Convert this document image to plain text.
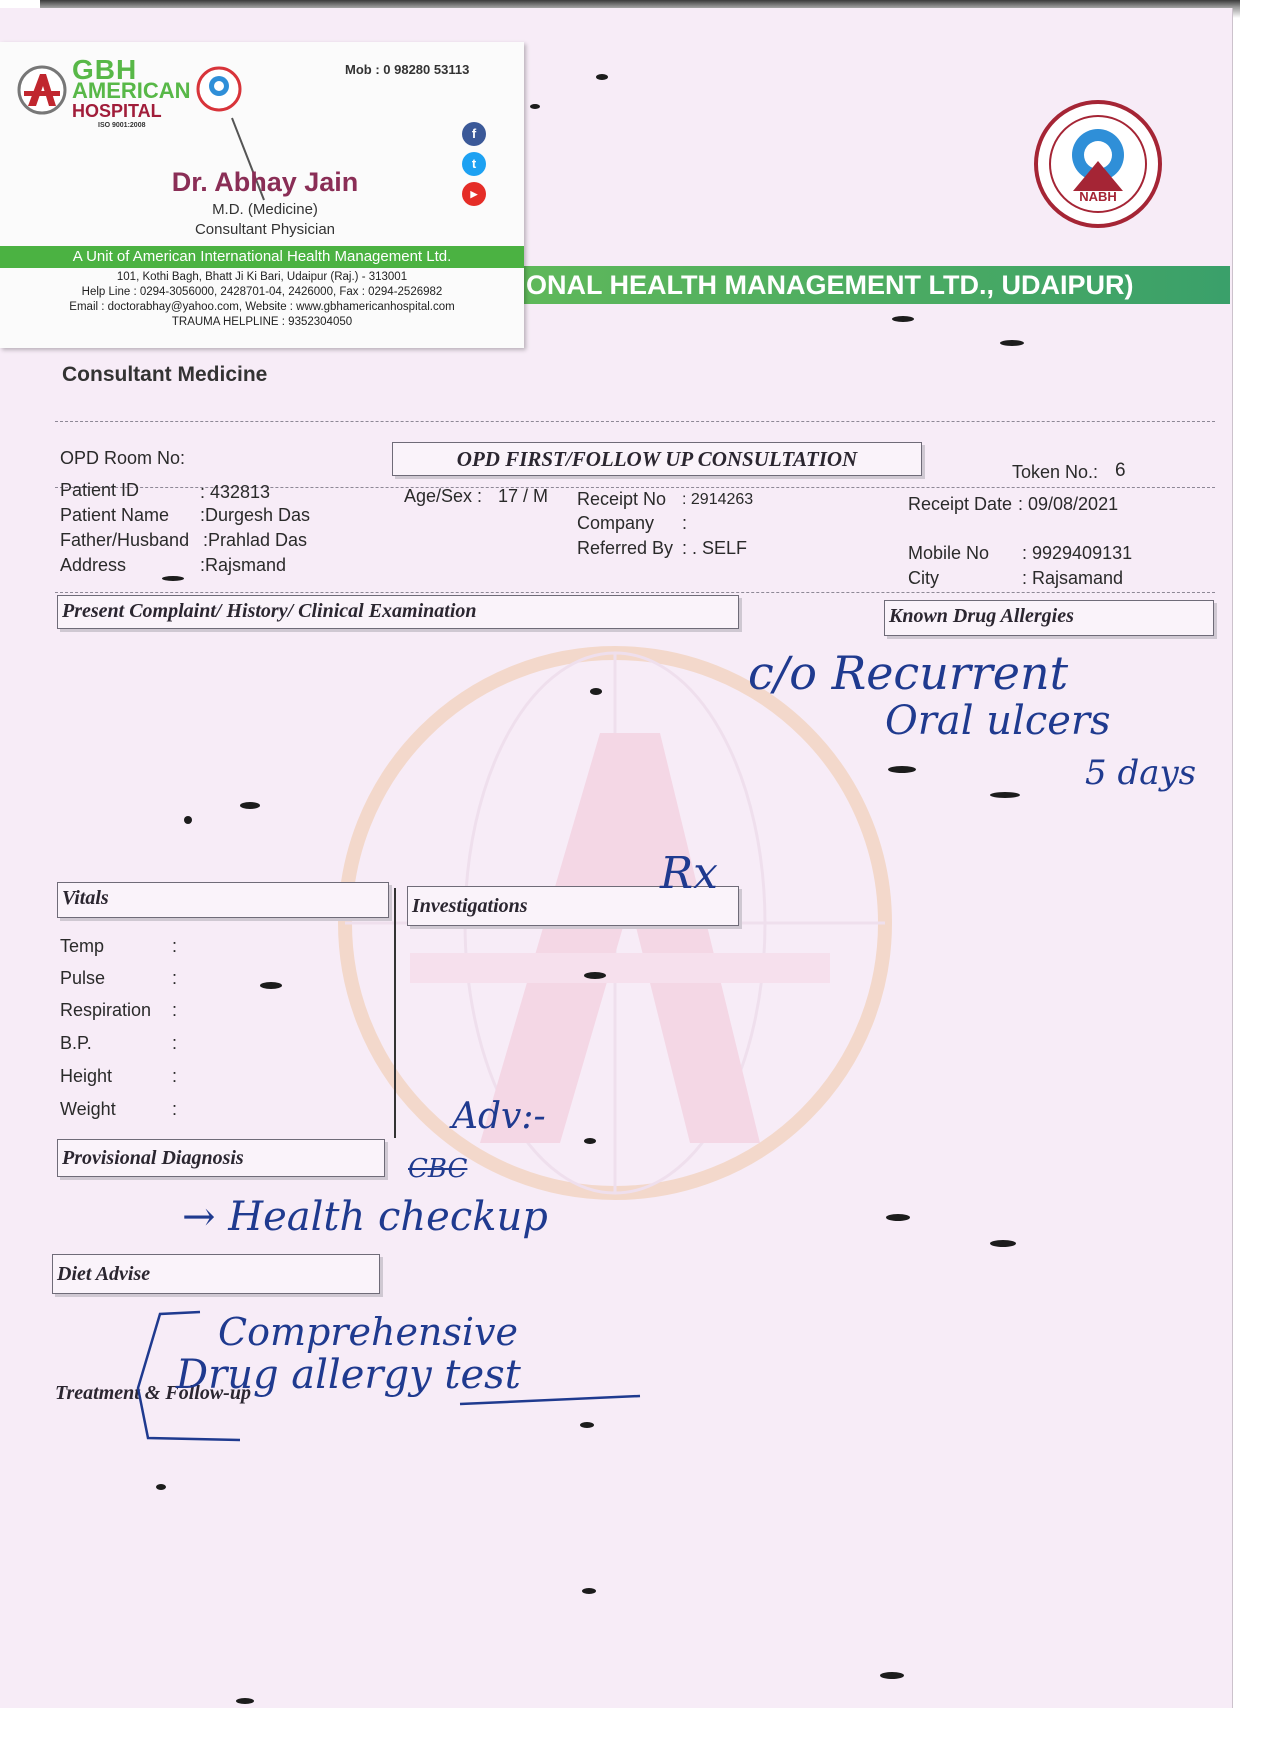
NABH
ONAL HEALTH MANAGEMENT LTD., UDAIPUR)
Consultant Medicine
OPD FIRST/FOLLOW UP CONSULTATION
OPD Room No:
Token No.: 6
Patient ID	: 432813
Patient Name :Durgesh Das
Father/Husband :Prahlad Das
Address	:Rajsmand
Age/Sex : 17 / M Receipt No : 2914263
Company :
Referred By : . SELF
Receipt Date : 09/08/2021
Mobile No : 9929409131
City	: Rajsamand
Present Complaint/ History/ Clinical Examination	Known Drug Allergies
Vitals	Investigations
Provisional Diagnosis
Diet Advise
Treatment & Follow-up
Temp	:
Pulse	:
Respiration :
B.P.	:
Height	:
Weight	:
c/o Recurrent
Oral ulcers
5 days
Rx
Adv:-
CBC
→ Health checkup
Comprehensive
Drug allergy test
GBH
AMERICAN
HOSPITAL
ISO 9001:2008
Mob : 0 98280 53113
f
t
▶
Dr. Abhay Jain
M.D. (Medicine)
Consultant Physician
A Unit of American International Health Management Ltd.
101, Kothi Bagh, Bhatt Ji Ki Bari, Udaipur (Raj.) - 313001
Help Line : 0294-3056000, 2428701-04, 2426000, Fax : 0294-2526982
Email : doctorabhay@yahoo.com, Website : www.gbhamericanhospital.com
TRAUMA HELPLINE : 9352304050
